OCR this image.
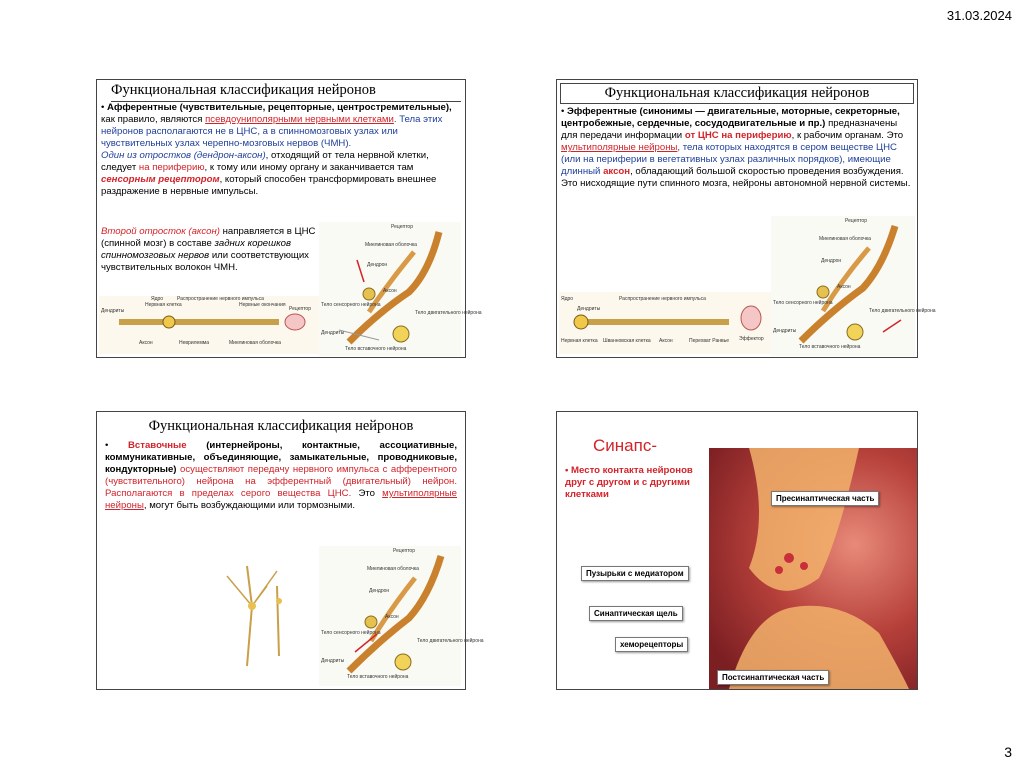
31.03.2024
Функциональная классификация нейронов
• Афферентные (чувствительные, рецепторные, центростремительные), как правило, являются псевдоуниполярными нервными клетками. Тела этих нейронов располагаются не в ЦНС, а в спинномозговых узлах или чувствительных узлах черепно-мозговых нервов (ЧМН).
Один из отростков (дендрон-аксон), отходящий от тела нервной клетки, следует на периферию, к тому или иному органу и заканчивается там сенсорным рецептором, который способен трансформировать внешнее раздражение в нервные импульсы.
Второй отросток (аксон) направляется в ЦНС (спинной мозг) в составе задних корешков спинномозговых нервов или соответствующих чувствительных волокон ЧМН.
Рецептор
Миелиновая оболочка
Дендрон
Аксон
Тело сенсорного нейрона
Тело двигательного нейрона
Дендриты
Тело вставочного нейрона
Дендриты
Нервная клетка
Ядро	Распространение нервного импульса
Нервные окончания
Рецептор
Аксон	Неврилемма	Миелиновая оболочка
Функциональная классификация нейронов
• Эфферентные (синонимы — двигательные, моторные, секреторные, центробежные, сердечные, сосудодвигательные и пр.) предназначены для передачи информации от ЦНС на периферию, к рабочим органам. Это мультиполярные нейроны, тела которых находятся в сером веществе ЦНС (или на периферии в вегетативных узлах различных порядков), имеющие длинный аксон, обладающий большой скоростью проведения возбуждения. Это нисходящие пути спинного мозга, нейроны автономной нервной системы.
Рецептор
Миелиновая оболочка
Дендрон
Аксон
Тело сенсорного нейрона
Тело двигательного нейрона
Дендриты
Тело вставочного нейрона
Ядро
Нервная клетка
Дендриты
Распространение нервного импульса
Шванновская клетка Аксон	Перехват Ранвье Эффектор
Функциональная классификация нейронов
• Вставочные (интернейроны, контактные, ассоциативные, коммуникативные, объединяющие, замыкательные, проводниковые, кондукторные) осуществляют передачу нервного импульса с афферентного (чувствительного) нейрона на эфферентный (двигательный) нейрон. Располагаются в пределах серого вещества ЦНС. Это мультиполярные нейроны, могут быть возбуждающими или тормозными.
Рецептор
Миелиновая оболочка
Дендрон
Аксон
Тело сенсорного нейрона
Тело двигательного нейрона
Дендриты
Тело вставочного нейрона
Синапс-
• Место контакта нейронов друг с другом и с другими клетками	Пресинаптическая часть
Пузырьки с медиатором
Синаптическая щель
хеморецепторы
Постсинаптическая часть
3
